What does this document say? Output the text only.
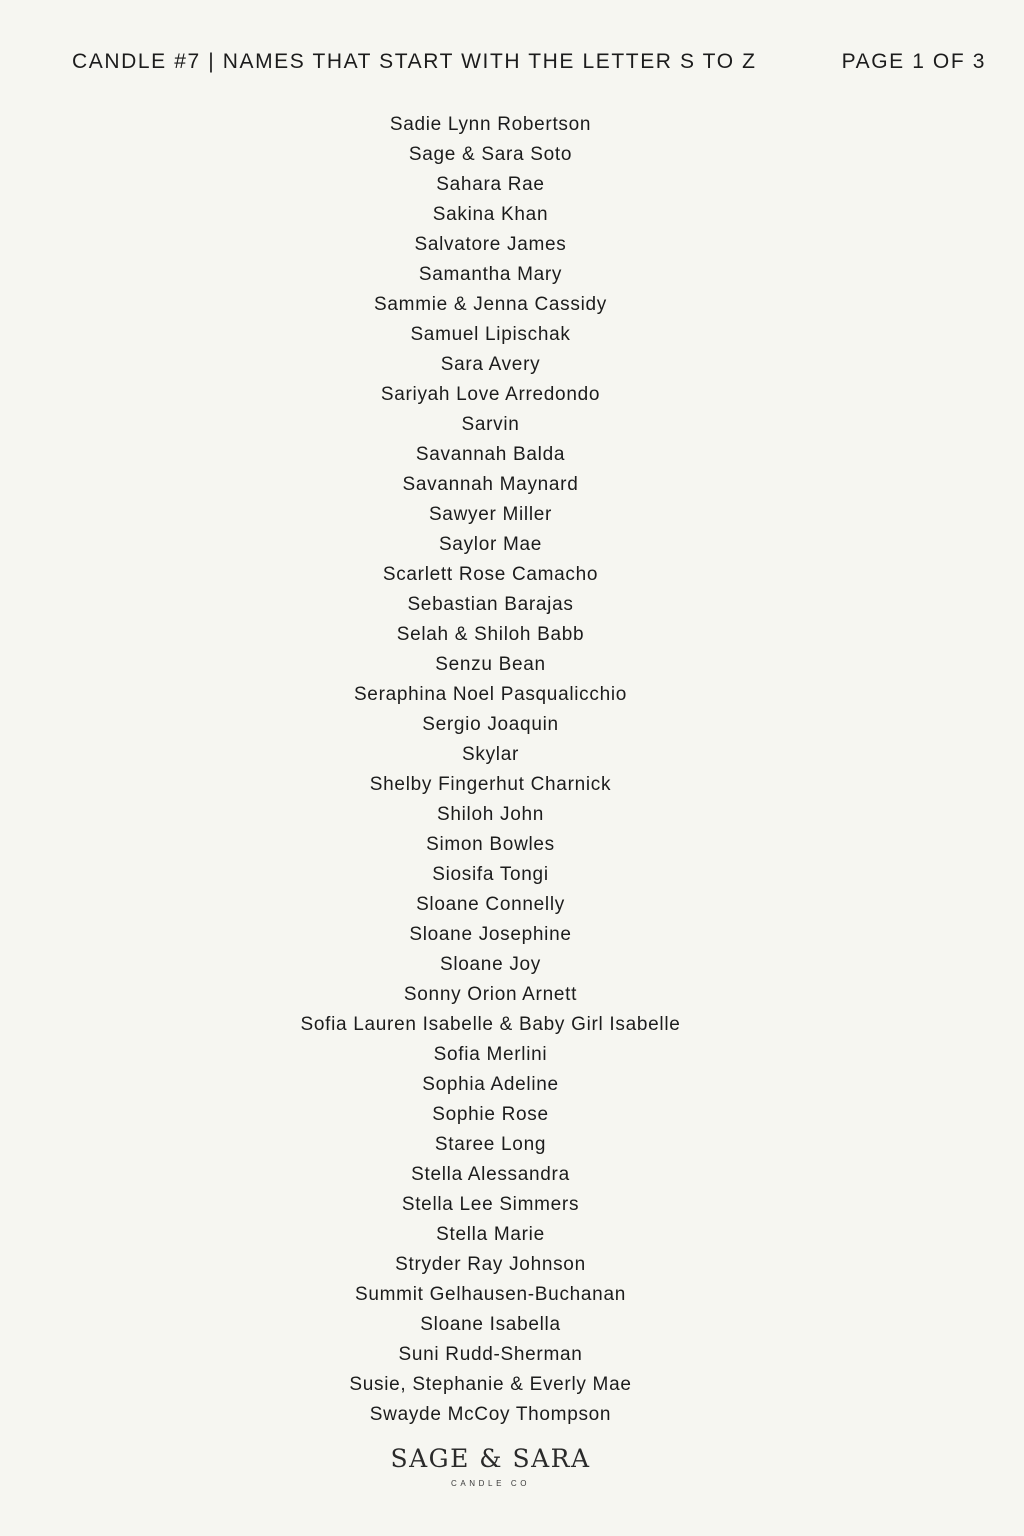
CANDLE #7 | NAMES THAT START WITH THE LETTER S TO Z	PAGE 1 OF 3
Sadie Lynn Robertson
Sage & Sara Soto
Sahara Rae
Sakina Khan
Salvatore James
Samantha Mary
Sammie & Jenna Cassidy
Samuel Lipischak
Sara Avery
Sariyah Love Arredondo
Sarvin
Savannah Balda
Savannah Maynard
Sawyer Miller
Saylor Mae
Scarlett Rose Camacho
Sebastian Barajas
Selah & Shiloh Babb
Senzu Bean
Seraphina Noel Pasqualicchio
Sergio Joaquin
Skylar
Shelby Fingerhut Charnick
Shiloh John
Simon Bowles
Siosifa Tongi
Sloane Connelly
Sloane Josephine
Sloane Joy
Sonny Orion Arnett
Sofia Lauren Isabelle & Baby Girl Isabelle
Sofia Merlini
Sophia Adeline
Sophie Rose
Staree Long
Stella Alessandra
Stella Lee Simmers
Stella Marie
Stryder Ray Johnson
Summit Gelhausen-Buchanan
Sloane Isabella
Suni Rudd-Sherman
Susie, Stephanie & Everly Mae
Swayde McCoy Thompson
SAGE & SARA
CANDLE CO
